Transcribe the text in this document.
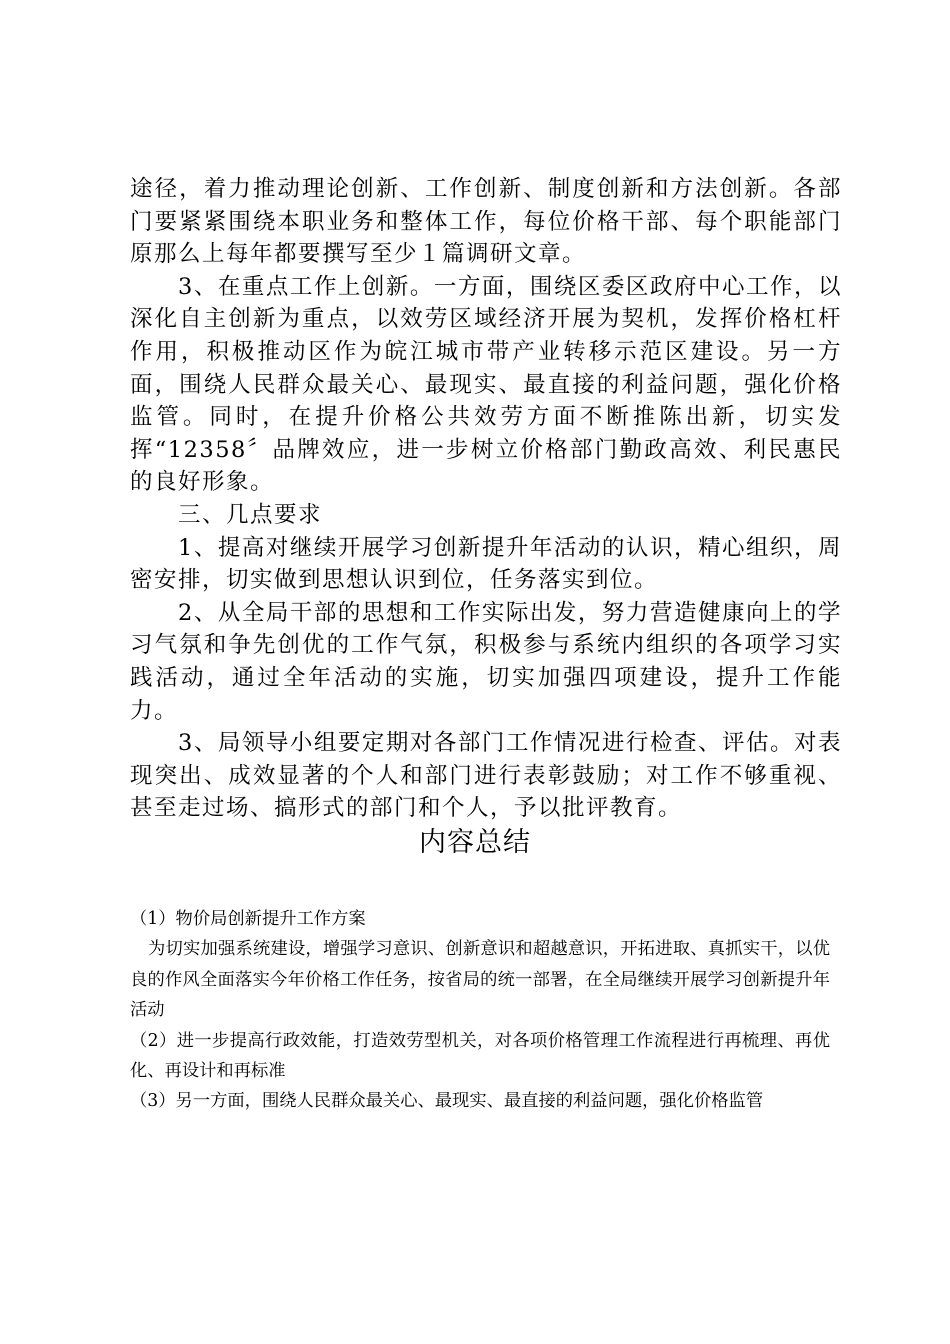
途径，着力推动理论创新、工作创新、制度创新和方法创新。各部门要紧紧围绕本职业务和整体工作，每位价格干部、每个职能部门原那么上每年都要撰写至少１篇调研文章。

3、在重点工作上创新。一方面，围绕区委区政府中心工作，以深化自主创新为重点，以效劳区域经济开展为契机，发挥价格杠杆作用，积极推动区作为皖江城市带产业转移示范区建设。另一方面，围绕人民群众最关心、最现实、最直接的利益问题，强化价格监管。同时，在提升价格公共效劳方面不断推陈出新，切实发挥“12358〞品牌效应，进一步树立价格部门勤政高效、利民惠民的良好形象。

三、几点要求

1、提高对继续开展学习创新提升年活动的认识，精心组织，周密安排，切实做到思想认识到位，任务落实到位。

2、从全局干部的思想和工作实际出发，努力营造健康向上的学习气氛和争先创优的工作气氛，积极参与系统内组织的各项学习实践活动，通过全年活动的实施，切实加强四项建设，提升工作能力。

3、局领导小组要定期对各部门工作情况进行检查、评估。对表现突出、成效显著的个人和部门进行表彰鼓励；对工作不够重视、甚至走过场、搞形式的部门和个人，予以批评教育。

内容总结

（1）物价局创新提升工作方案

为切实加强系统建设，增强学习意识、创新意识和超越意识，开拓进取、真抓实干，以优良的作风全面落实今年价格工作任务，按省局的统一部署，在全局继续开展学习创新提升年活动

（2）进一步提高行政效能，打造效劳型机关，对各项价格管理工作流程进行再梳理、再优化、再设计和再标准

（3）另一方面，围绕人民群众最关心、最现实、最直接的利益问题，强化价格监管
